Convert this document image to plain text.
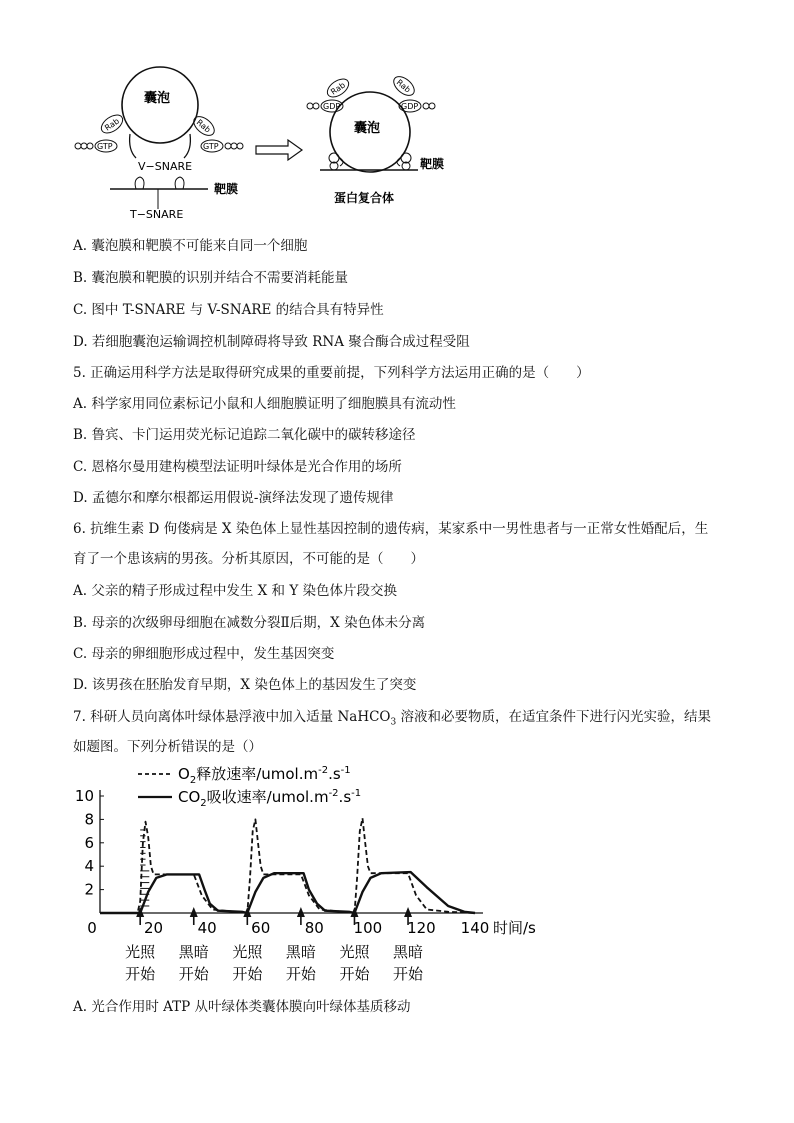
囊泡
Rab
GTP
Rab
GTP
V−SNARE
靶膜
T−SNARE
囊泡
Rab
GDP
Rab
GDP
靶膜
蛋白复合体
A. 囊泡膜和靶膜不可能来自同一个细胞
B. 囊泡膜和靶膜的识别并结合不需要消耗能量
C. 图中 T-SNARE 与 V-SNARE 的结合具有特异性
D. 若细胞囊泡运输调控机制障碍将导致 RNA 聚合酶合成过程受阻
5. 正确运用科学方法是取得研究成果的重要前提，下列科学方法运用正确的是（　　）
A. 科学家用同位素标记小鼠和人细胞膜证明了细胞膜具有流动性
B. 鲁宾、卡门运用荧光标记追踪二氧化碳中的碳转移途径
C. 恩格尔曼用建构模型法证明叶绿体是光合作用的场所
D. 孟德尔和摩尔根都运用假说-演绎法发现了遗传规律
6. 抗维生素 D 佝偻病是 X 染色体上显性基因控制的遗传病，某家系中一男性患者与一正常女性婚配后，生
育了一个患该病的男孩。分析其原因，不可能的是（　　）
A. 父亲的精子形成过程中发生 X 和 Y 染色体片段交换
B. 母亲的次级卵母细胞在减数分裂Ⅱ后期，X 染色体未分离
C. 母亲的卵细胞形成过程中，发生基因突变
D. 该男孩在胚胎发育早期，X 染色体上的基因发生了突变
7. 科研人员向离体叶绿体悬浮液中加入适量 NaHCO$_3$ 溶液和必要物质，在适宜条件下进行闪光实验，结果
如题图。下列分析错误的是（）
$O_2$释放速率$/umol.m^{-2}.s^{-1}$
$CO_2$吸收速率$/umol.m^{-2}.s^{-1}$
2
4
6
8
10
0	20 40 60 80 100 120 140 时间/s
光照
开始
黑暗
开始
光照
开始
黑暗
开始
光照
开始
黑暗
开始
A. 光合作用时 ATP 从叶绿体类囊体膜向叶绿体基质移动
